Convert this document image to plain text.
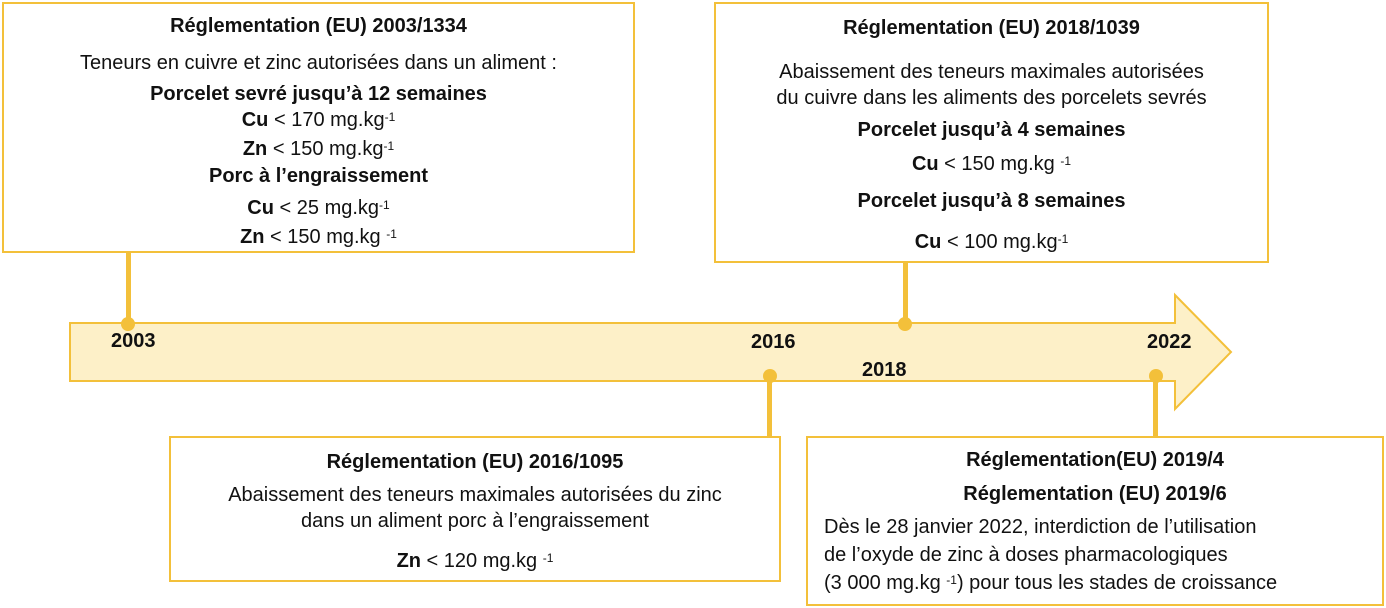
2003	2016
2018
2022
Réglementation (EU) 2003/1334
Teneurs en cuivre et zinc autorisées dans un aliment :
Porcelet sevré jusqu’à 12 semaines
Cu < 170 $mg.kg^{-1}$
Zn < 150 $mg.kg^{-1}$
Porc à l’engraissement
Cu < 25 $mg.kg^{-1}$
Zn < 150 mg.kg $^{-1}$
Réglementation (EU) 2018/1039
Abaissement des teneurs maximales autorisées
du cuivre dans les aliments des porcelets sevrés
Porcelet jusqu’à 4 semaines
Cu < 150 mg.kg $^{-1}$
Porcelet jusqu’à 8 semaines
Cu < 100 $mg.kg^{-1}$
Réglementation (EU) 2016/1095
Abaissement des teneurs maximales autorisées du zinc
dans un aliment porc à l’engraissement
Zn < 120 mg.kg $^{-1}$
Réglementation(EU) 2019/4
Réglementation (EU) 2019/6
Dès le 28 janvier 2022, interdiction de l’utilisation
de l’oxyde de zinc à doses pharmacologiques
(3 000 mg.kg $^{-1}$) pour tous les stades de croissance
